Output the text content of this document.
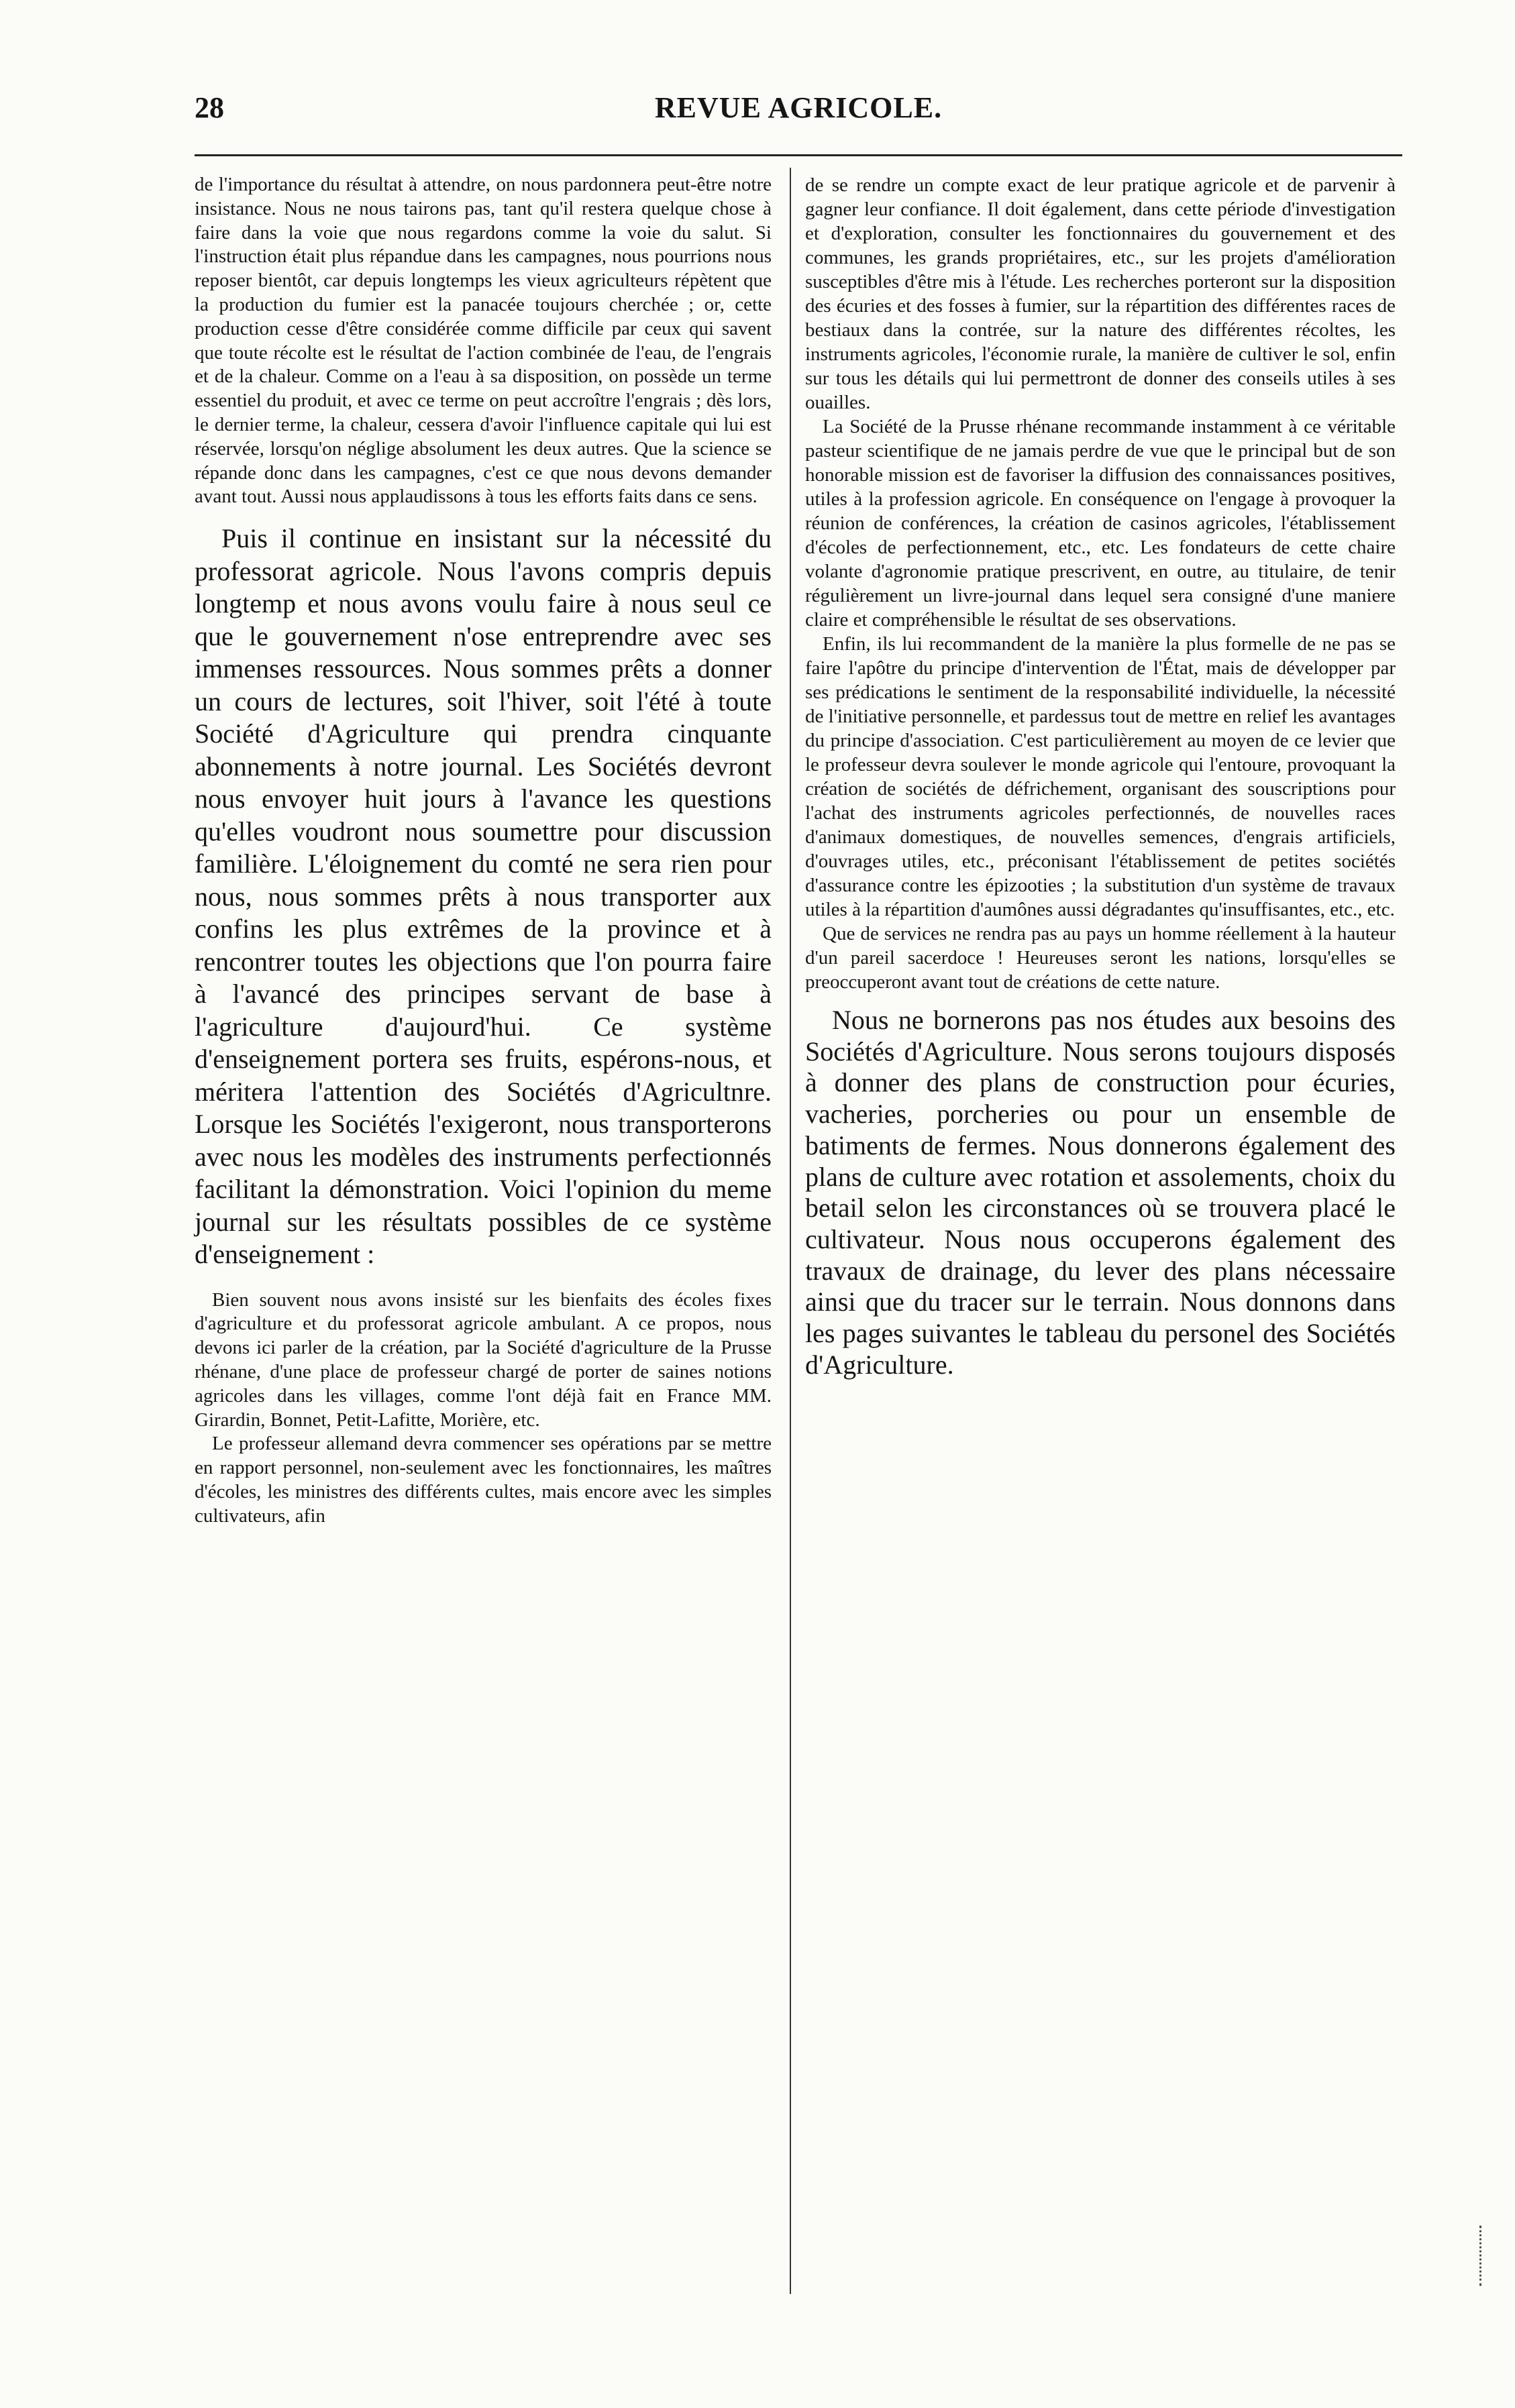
28	REVUE AGRICOLE.

de l'importance du résultat à attendre, on nous pardonnera peut-être notre insistance. Nous ne nous tairons pas, tant qu'il restera quelque chose à faire dans la voie que nous regardons comme la voie du salut. Si l'instruction était plus répandue dans les campagnes, nous pourrions nous reposer bientôt, car depuis longtemps les vieux agriculteurs répètent que la production du fumier est la panacée toujours cherchée ; or, cette production cesse d'être considérée comme difficile par ceux qui savent que toute récolte est le résultat de l'action combinée de l'eau, de l'engrais et de la chaleur. Comme on a l'eau à sa disposition, on possède un terme essentiel du produit, et avec ce terme on peut accroître l'engrais ; dès lors, le dernier terme, la chaleur, cessera d'avoir l'influence capitale qui lui est réservée, lorsqu'on néglige absolument les deux autres. Que la science se répande donc dans les campagnes, c'est ce que nous devons demander avant tout. Aussi nous applaudissons à tous les efforts faits dans ce sens.

Puis il continue en insistant sur la nécessité du professorat agricole. Nous l'avons compris depuis longtemp et nous avons voulu faire à nous seul ce que le gouvernement n'ose entreprendre avec ses immenses ressources. Nous sommes prêts a donner un cours de lectures, soit l'hiver, soit l'été à toute Société d'Agriculture qui prendra cinquante abonnements à notre journal. Les Sociétés devront nous envoyer huit jours à l'avance les questions qu'elles voudront nous soumettre pour discussion familière. L'éloignement du comté ne sera rien pour nous, nous sommes prêts à nous transporter aux confins les plus extrêmes de la province et à rencontrer toutes les objections que l'on pourra faire à l'avancé des principes servant de base à l'agriculture d'aujourd'hui. Ce système d'enseignement portera ses fruits, espérons-nous, et méritera l'attention des Sociétés d'Agricultnre. Lorsque les Sociétés l'exigeront, nous transporterons avec nous les modèles des instruments perfectionnés facilitant la démonstration. Voici l'opinion du meme journal sur les résultats possibles de ce système d'enseignement :

Bien souvent nous avons insisté sur les bienfaits des écoles fixes d'agriculture et du professorat agricole ambulant. A ce propos, nous devons ici parler de la création, par la Société d'agriculture de la Prusse rhénane, d'une place de professeur chargé de porter de saines notions agricoles dans les villages, comme l'ont déjà fait en France MM. Girardin, Bonnet, Petit-Lafitte, Morière, etc.

Le professeur allemand devra commencer ses opérations par se mettre en rapport personnel, non-seulement avec les fonctionnaires, les maîtres d'écoles, les ministres des différents cultes, mais encore avec les simples cultivateurs, afin

de se rendre un compte exact de leur pratique agricole et de parvenir à gagner leur confiance. Il doit également, dans cette période d'investigation et d'exploration, consulter les fonctionnaires du gouvernement et des communes, les grands propriétaires, etc., sur les projets d'amélioration susceptibles d'être mis à l'étude. Les recherches porteront sur la disposition des écuries et des fosses à fumier, sur la répartition des différentes races de bestiaux dans la contrée, sur la nature des différentes récoltes, les instruments agricoles, l'économie rurale, la manière de cultiver le sol, enfin sur tous les détails qui lui permettront de donner des conseils utiles à ses ouailles.

La Société de la Prusse rhénane recommande instamment à ce véritable pasteur scientifique de ne jamais perdre de vue que le principal but de son honorable mission est de favoriser la diffusion des connaissances positives, utiles à la profession agricole. En conséquence on l'engage à provoquer la réunion de conférences, la création de casinos agricoles, l'établissement d'écoles de perfectionnement, etc., etc. Les fondateurs de cette chaire volante d'agronomie pratique prescrivent, en outre, au titulaire, de tenir régulièrement un livre-journal dans lequel sera consigné d'une maniere claire et compréhensible le résultat de ses observations.

Enfin, ils lui recommandent de la manière la plus formelle de ne pas se faire l'apôtre du principe d'intervention de l'État, mais de développer par ses prédications le sentiment de la responsabilité individuelle, la nécessité de l'initiative personnelle, et pardessus tout de mettre en relief les avantages du principe d'association. C'est particulièrement au moyen de ce levier que le professeur devra soulever le monde agricole qui l'entoure, provoquant la création de sociétés de défrichement, organisant des souscriptions pour l'achat des instruments agricoles perfectionnés, de nouvelles races d'animaux domestiques, de nouvelles semences, d'engrais artificiels, d'ouvrages utiles, etc., préconisant l'établissement de petites sociétés d'assurance contre les épizooties ; la substitution d'un système de travaux utiles à la répartition d'aumônes aussi dégradantes qu'insuffisantes, etc., etc.

Que de services ne rendra pas au pays un homme réellement à la hauteur d'un pareil sacerdoce ! Heureuses seront les nations, lorsqu'elles se preoccuperont avant tout de créations de cette nature.

Nous ne bornerons pas nos études aux besoins des Sociétés d'Agriculture. Nous serons toujours disposés à donner des plans de construction pour écuries, vacheries, porcheries ou pour un ensemble de batiments de fermes. Nous donnerons également des plans de culture avec rotation et assolements, choix du betail selon les circonstances où se trouvera placé le cultivateur. Nous nous occuperons également des travaux de drainage, du lever des plans nécessaire ainsi que du tracer sur le terrain. Nous donnons dans les pages suivantes le tableau du personel des Sociétés d'Agriculture.
